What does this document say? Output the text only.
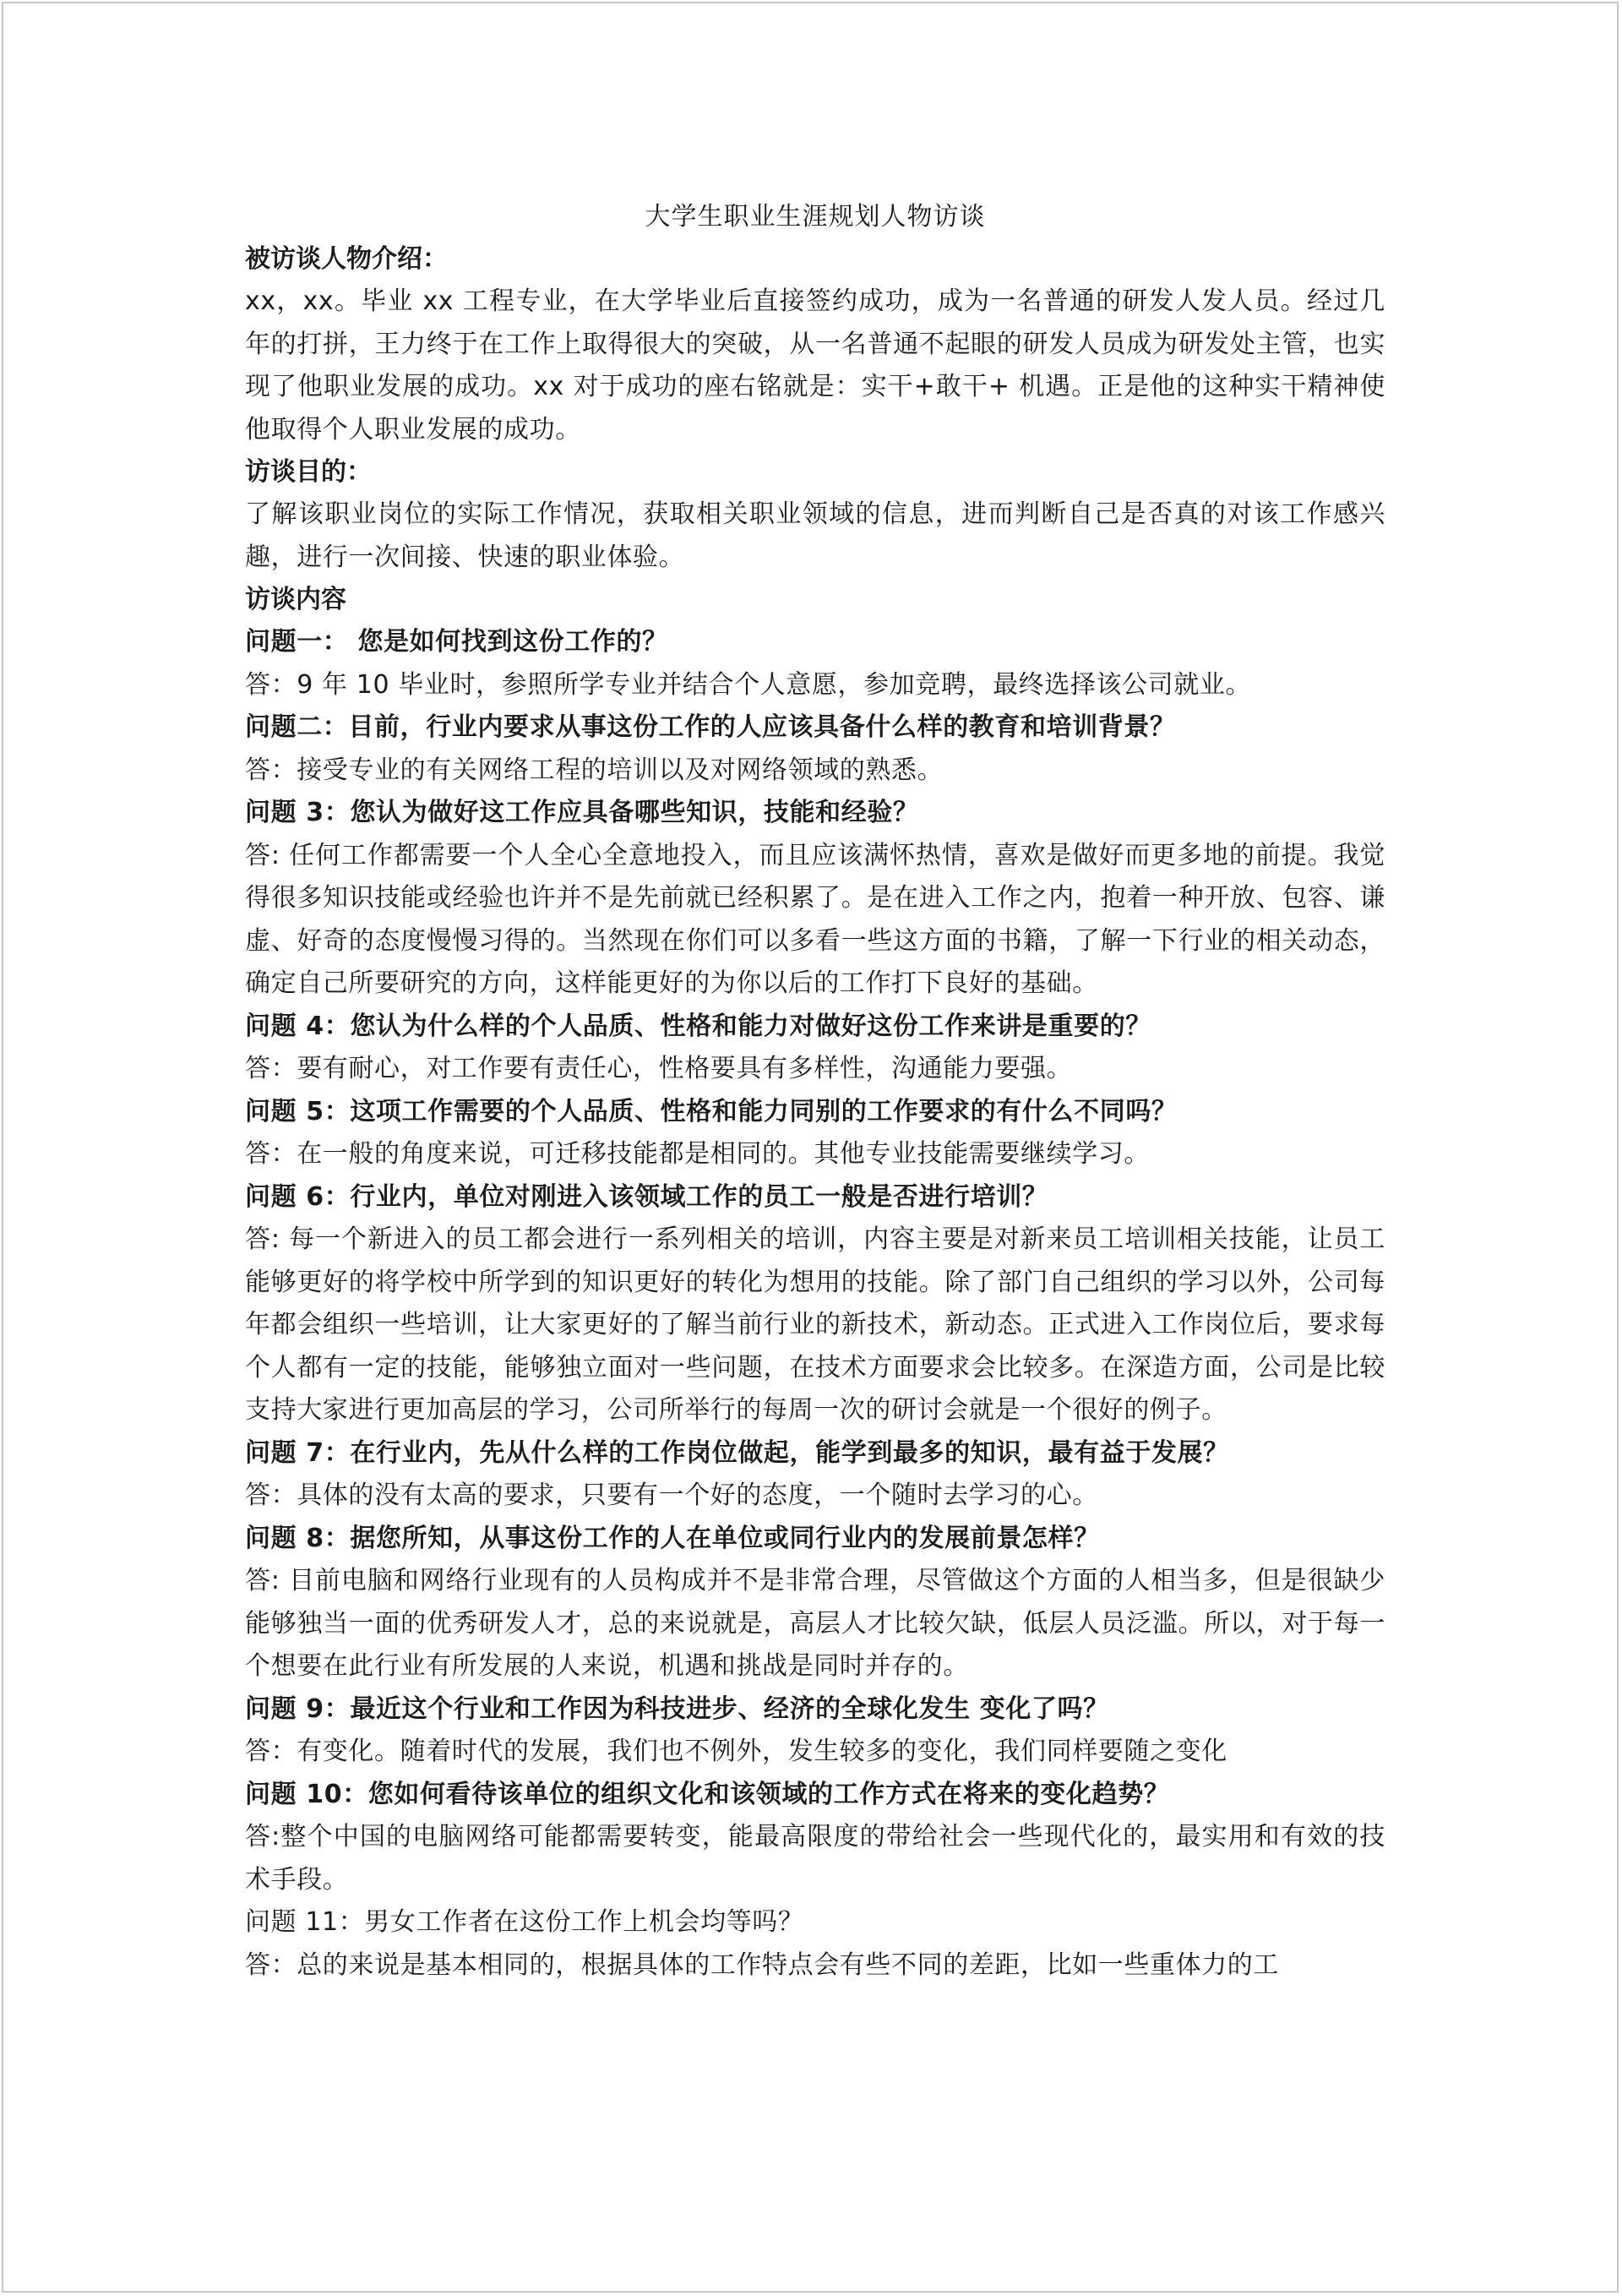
大学生职业生涯规划人物访谈

被访谈人物介绍：

xx，xx。毕业 xx 工程专业，在大学毕业后直接签约成功，成为一名普通的研发人发人员。经过几年的打拼，王力终于在工作上取得很大的突破，从一名普通不起眼的研发人员成为研发处主管，也实现了他职业发展的成功。xx 对于成功的座右铭就是：实干+敢干+ 机遇。正是他的这种实干精神使他取得个人职业发展的成功。

访谈目的：

了解该职业岗位的实际工作情况，获取相关职业领域的信息，进而判断自己是否真的对该工作感兴趣，进行一次间接、快速的职业体验。

访谈内容

问题一： 您是如何找到这份工作的？

答：9 年 10 毕业时，参照所学专业并结合个人意愿，参加竞聘，最终选择该公司就业。

问题二：目前，行业内要求从事这份工作的人应该具备什么样的教育和培训背景？

答：接受专业的有关网络工程的培训以及对网络领域的熟悉。

问题 3：您认为做好这工作应具备哪些知识，技能和经验？

答: 任何工作都需要一个人全心全意地投入，而且应该满怀热情，喜欢是做好而更多地的前提。我觉得很多知识技能或经验也许并不是先前就已经积累了。是在进入工作之内，抱着一种开放、包容、谦虚、好奇的态度慢慢习得的。当然现在你们可以多看一些这方面的书籍，了解一下行业的相关动态，确定自己所要研究的方向，这样能更好的为你以后的工作打下良好的基础。

问题 4：您认为什么样的个人品质、性格和能力对做好这份工作来讲是重要的？

答：要有耐心，对工作要有责任心，性格要具有多样性，沟通能力要强。

问题 5：这项工作需要的个人品质、性格和能力同别的工作要求的有什么不同吗？

答：在一般的角度来说，可迁移技能都是相同的。其他专业技能需要继续学习。

问题 6：行业内，单位对刚进入该领域工作的员工一般是否进行培训？

答: 每一个新进入的员工都会进行一系列相关的培训，内容主要是对新来员工培训相关技能，让员工能够更好的将学校中所学到的知识更好的转化为想用的技能。除了部门自己组织的学习以外，公司每年都会组织一些培训，让大家更好的了解当前行业的新技术，新动态。正式进入工作岗位后，要求每个人都有一定的技能，能够独立面对一些问题，在技术方面要求会比较多。在深造方面，公司是比较支持大家进行更加高层的学习，公司所举行的每周一次的研讨会就是一个很好的例子。

问题 7：在行业内，先从什么样的工作岗位做起，能学到最多的知识，最有益于发展？

答：具体的没有太高的要求，只要有一个好的态度，一个随时去学习的心。

问题 8：据您所知，从事这份工作的人在单位或同行业内的发展前景怎样？

答: 目前电脑和网络行业现有的人员构成并不是非常合理，尽管做这个方面的人相当多，但是很缺少能够独当一面的优秀研发人才，总的来说就是，高层人才比较欠缺，低层人员泛滥。所以，对于每一个想要在此行业有所发展的人来说，机遇和挑战是同时并存的。

问题 9：最近这个行业和工作因为科技进步、经济的全球化发生 变化了吗？

答：有变化。随着时代的发展，我们也不例外，发生较多的变化，我们同样要随之变化

问题 10：您如何看待该单位的组织文化和该领域的工作方式在将来的变化趋势？

答:整个中国的电脑网络可能都需要转变，能最高限度的带给社会一些现代化的，最实用和有效的技术手段。

问题 11：男女工作者在这份工作上机会均等吗？

答：总的来说是基本相同的，根据具体的工作特点会有些不同的差距，比如一些重体力的工
